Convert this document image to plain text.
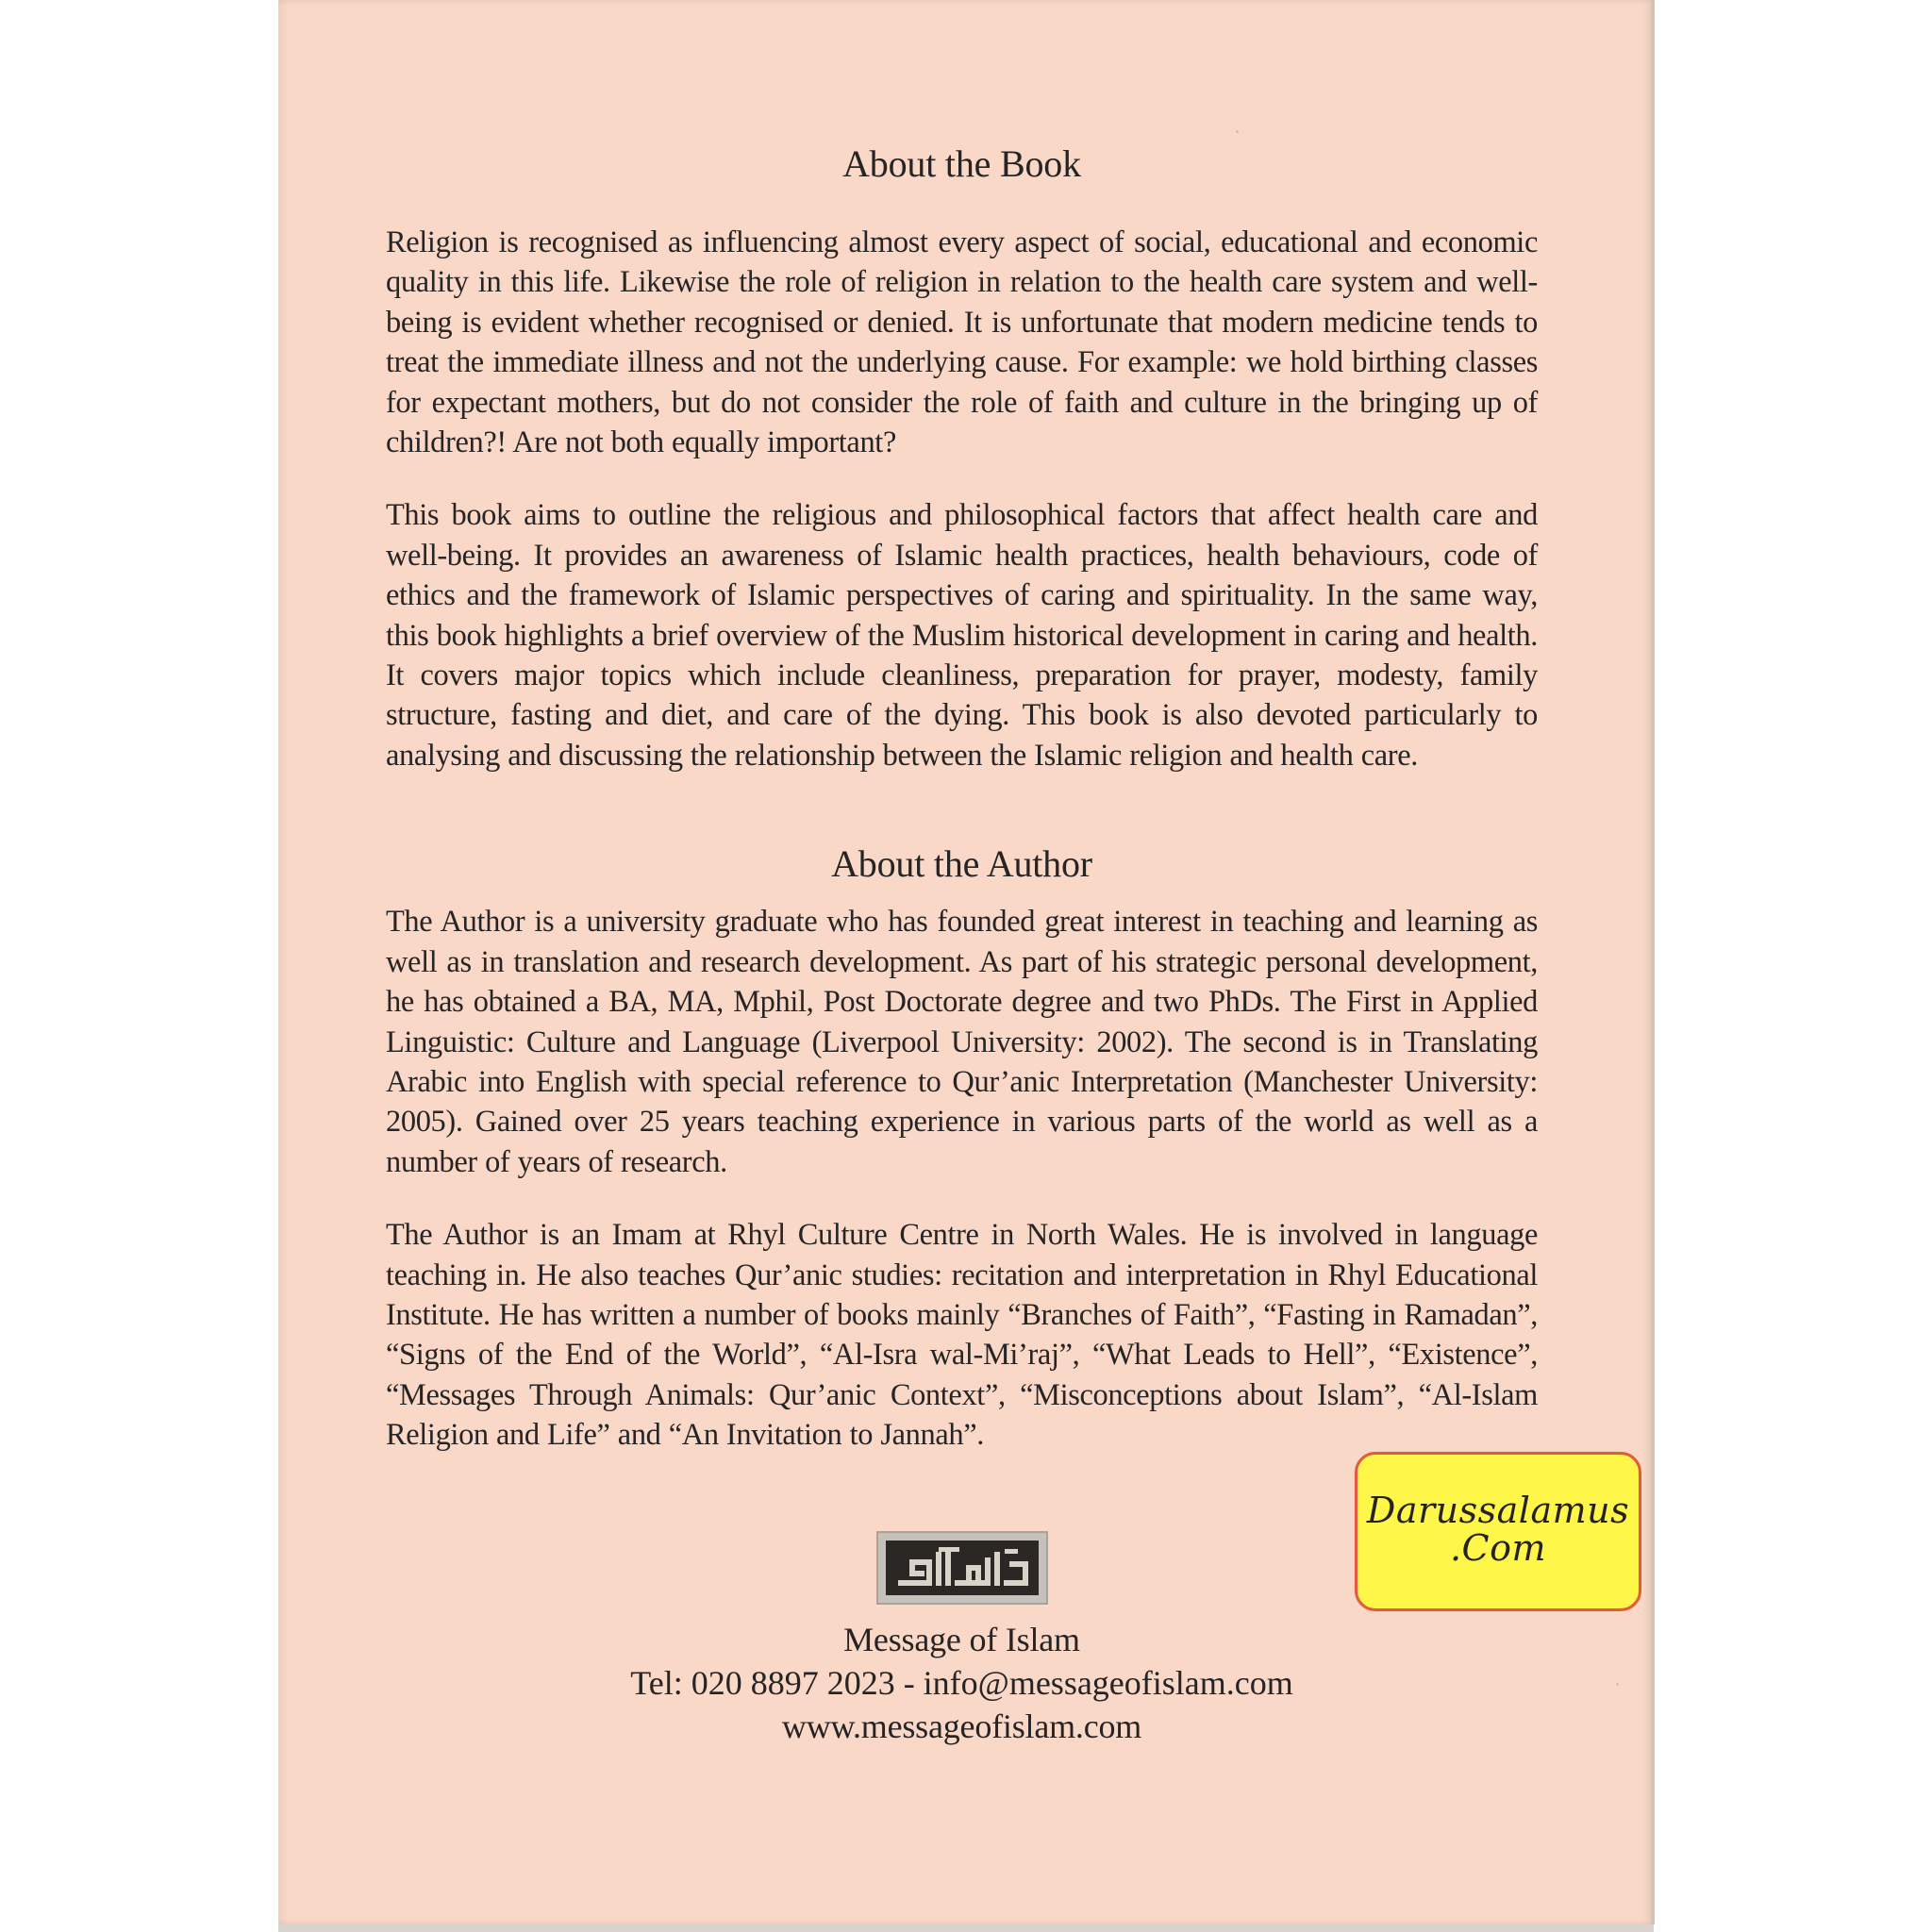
About the Book

Religion is recognised as influencing almost every aspect of social, educational and economic quality in this life. Likewise the role of religion in relation to the health care system and well-being is evident whether recognised or denied. It is unfortunate that modern medicine tends to treat the immediate illness and not the underlying cause. For example: we hold birthing classes for expectant mothers, but do not consider the role of faith and culture in the bringing up of children?! Are not both equally important?

This book aims to outline the religious and philosophical factors that affect health care and well-being. It provides an awareness of Islamic health practices, health behaviours, code of ethics and the framework of Islamic perspectives of caring and spirituality. In the same way, this book highlights a brief overview of the Muslim historical development in caring and health. It covers major topics which include cleanliness, preparation for prayer, modesty, family structure, fasting and diet, and care of the dying. This book is also devoted particularly to analysing and discussing the relationship between the Islamic religion and health care.

About the Author

The Author is a university graduate who has founded great interest in teaching and learning as well as in translation and research development. As part of his strategic personal development, he has obtained a BA, MA, Mphil, Post Doctorate degree and two PhDs. The First in Applied Linguistic: Culture and Language (Liverpool University: 2002). The second is in Translating Arabic into English with special reference to Qur’anic Interpretation (Manchester University: 2005). Gained over 25 years teaching experience in various parts of the world as well as a number of years of research.

The Author is an Imam at Rhyl Culture Centre in North Wales. He is involved in language teaching in. He also teaches Qur’anic studies: recitation and interpretation in Rhyl Educational Institute. He has written a number of books mainly “Branches of Faith”, “Fasting in Ramadan”, “Signs of the End of the World”, “Al-Isra wal-Mi’raj”, “What Leads to Hell”, “Existence”, “Messages Through Animals: Qur’anic Context”, “Misconceptions about Islam”, “Al-Islam Religion and Life” and “An Invitation to Jannah”.

Message of Islam
Tel: 020 8897 2023 - info@messageofislam.com
www.messageofislam.com
Darussalamus
.Com
